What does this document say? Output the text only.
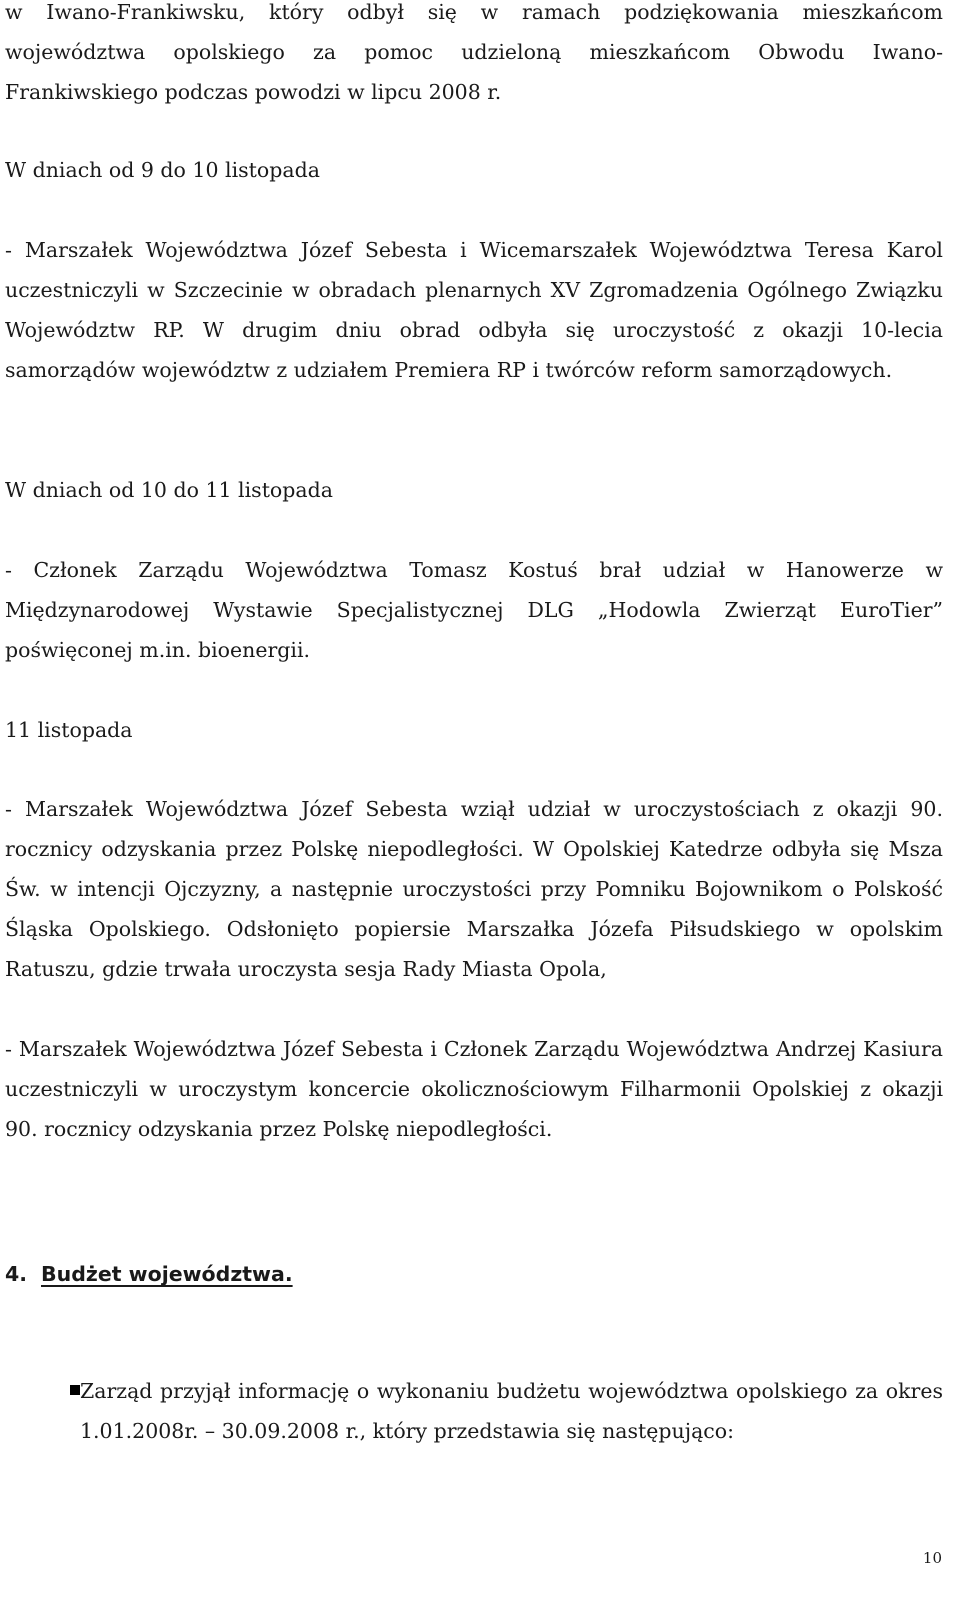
w Iwano-Frankiwsku, który odbył się w ramach podziękowania mieszkańcom województwa opolskiego za pomoc udzieloną mieszkańcom Obwodu Iwano-Frankiwskiego podczas powodzi w lipcu 2008 r.

W dniach od 9 do 10 listopada

- Marszałek Województwa Józef Sebesta i Wicemarszałek Województwa Teresa Karol uczestniczyli w Szczecinie w obradach plenarnych XV Zgromadzenia Ogólnego Związku Województw RP. W drugim dniu obrad odbyła się uroczystość z okazji 10-lecia samorządów województw z udziałem Premiera RP i twórców reform samorządowych.

W dniach od 10 do 11 listopada

- Członek Zarządu Województwa Tomasz Kostuś brał udział w Hanowerze w Międzynarodowej Wystawie Specjalistycznej DLG „Hodowla Zwierząt EuroTier” poświęconej m.in. bioenergii.

11 listopada

- Marszałek Województwa Józef Sebesta wziął udział w uroczystościach z okazji 90. rocznicy odzyskania przez Polskę niepodległości. W Opolskiej Katedrze odbyła się Msza Św. w intencji Ojczyzny, a następnie uroczystości przy Pomniku Bojownikom o Polskość Śląska Opolskiego. Odsłonięto popiersie Marszałka Józefa Piłsudskiego w opolskim Ratuszu, gdzie trwała uroczysta sesja Rady Miasta Opola,

- Marszałek Województwa Józef Sebesta i Członek Zarządu Województwa Andrzej Kasiura uczestniczyli w uroczystym koncercie okolicznościowym Filharmonii Opolskiej z okazji 90. rocznicy odzyskania przez Polskę niepodległości.

4. Budżet województwa.

Zarząd przyjął informację o wykonaniu budżetu województwa opolskiego za okres 1.01.2008r. – 30.09.2008 r., który przedstawia się następująco:

10
